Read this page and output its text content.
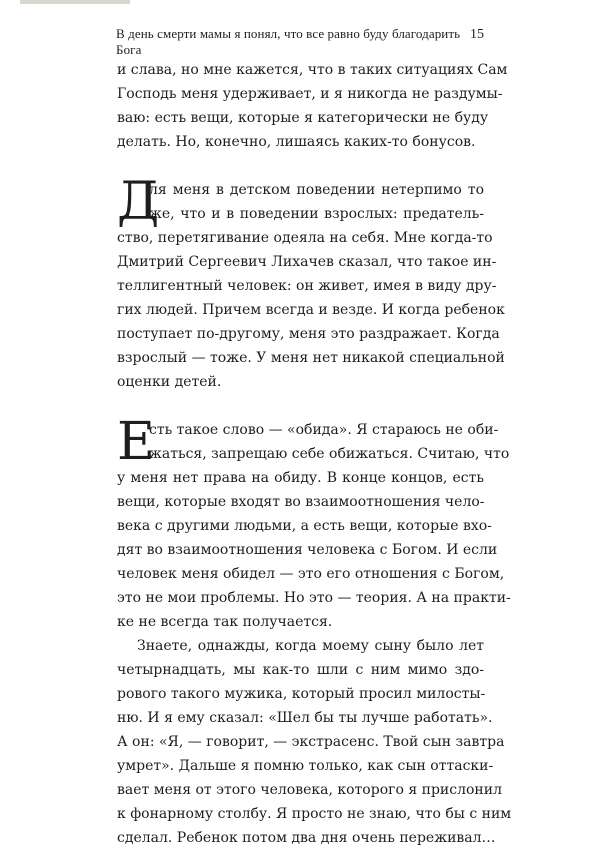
В день смерти мамы я понял, что все равно буду благодарить Бога
15
и слава, но мне кажется, что в таких ситуациях Сам
Господь меня удерживает, и я никогда не раздумы-
ваю: есть вещи, которые я категорически не буду
делать. Но, конечно, лишаясь каких-то бонусов.
Д
ля меня в детском поведении нетерпимо то
же, что и в поведении взрослых: предатель-
ство, перетягивание одеяла на себя. Мне когда-то
Дмитрий Сергеевич Лихачев сказал, что такое ин-
теллигентный человек: он живет, имея в виду дру-
гих людей. Причем всегда и везде. И когда ребенок
поступает по-другому, меня это раздражает. Когда
взрослый — тоже. У меня нет никакой специальной
оценки детей.
Е
сть такое слово — «обида». Я стараюсь не оби-
жаться, запрещаю себе обижаться. Считаю, что
у меня нет права на обиду. В конце концов, есть
вещи, которые входят во взаимоотношения чело-
века с другими людьми, а есть вещи, которые вхо-
дят во взаимоотношения человека с Богом. И если
человек меня обидел — это его отношения с Богом,
это не мои проблемы. Но это — теория. А на практи-
ке не всегда так получается.
Знаете, однажды, когда моему сыну было лет
четырнадцать, мы как-то шли с ним мимо здо-
рового такого мужика, который просил милосты-
ню. И я ему сказал: «Шел бы ты лучше работать».
А он: «Я, — говорит, — экстрасенс. Твой сын завтра
умрет». Дальше я помню только, как сын оттаски-
вает меня от этого человека, которого я прислонил
к фонарному столбу. Я просто не знаю, что бы с ним
сделал. Ребенок потом два дня очень переживал…
